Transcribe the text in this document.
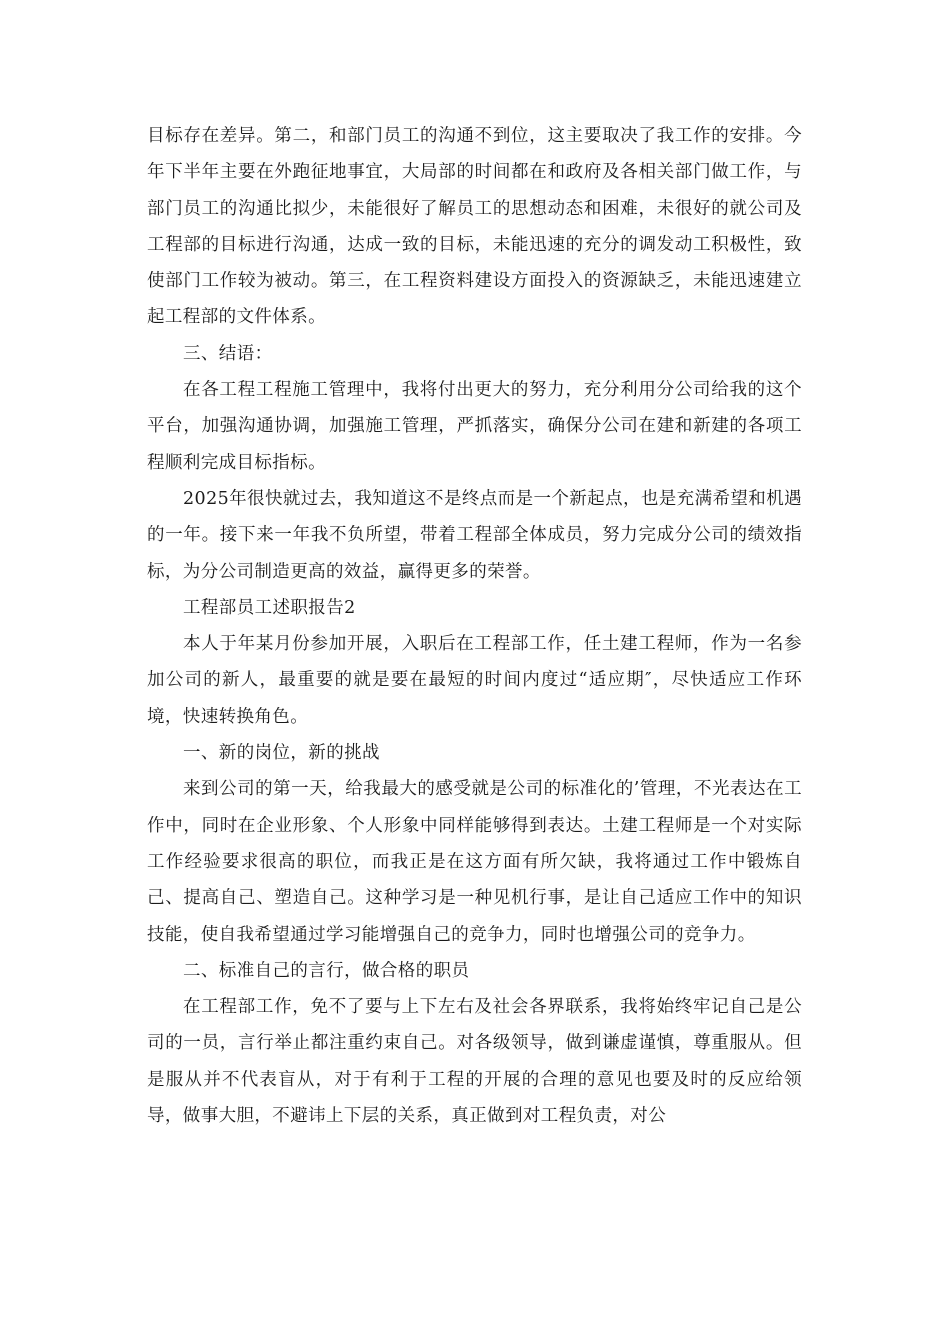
目标存在差异。第二，和部门员工的沟通不到位，这主要取决了我工作的安排。今年下半年主要在外跑征地事宜，大局部的时间都在和政府及各相关部门做工作，与部门员工的沟通比拟少，未能很好了解员工的思想动态和困难，未很好的就公司及工程部的目标进行沟通，达成一致的目标，未能迅速的充分的调发动工积极性，致使部门工作较为被动。第三，在工程资料建设方面投入的资源缺乏，未能迅速建立起工程部的文件体系。

三、结语：

在各工程工程施工管理中，我将付出更大的努力，充分利用分公司给我的这个平台，加强沟通协调，加强施工管理，严抓落实，确保分公司在建和新建的各项工程顺利完成目标指标。

2025年很快就过去，我知道这不是终点而是一个新起点，也是充满希望和机遇的一年。接下来一年我不负所望，带着工程部全体成员，努力完成分公司的绩效指标，为分公司制造更高的效益，赢得更多的荣誉。

工程部员工述职报告2

本人于年某月份参加开展，入职后在工程部工作，任土建工程师，作为一名参加公司的新人，最重要的就是要在最短的时间内度过“适应期″，尽快适应工作环境，快速转换角色。

一、新的岗位，新的挑战

来到公司的第一天，给我最大的感受就是公司的标准化的’管理，不光表达在工作中，同时在企业形象、个人形象中同样能够得到表达。土建工程师是一个对实际工作经验要求很高的职位，而我正是在这方面有所欠缺，我将通过工作中锻炼自己、提高自己、塑造自己。这种学习是一种见机行事，是让自己适应工作中的知识技能，使自我希望通过学习能增强自己的竞争力，同时也增强公司的竞争力。

二、标准自己的言行，做合格的职员

在工程部工作，免不了要与上下左右及社会各界联系，我将始终牢记自己是公司的一员，言行举止都注重约束自己。对各级领导，做到谦虚谨慎，尊重服从。但是服从并不代表盲从，对于有利于工程的开展的合理的意见也要及时的反应给领导，做事大胆，不避讳上下层的关系，真正做到对工程负责，对公
